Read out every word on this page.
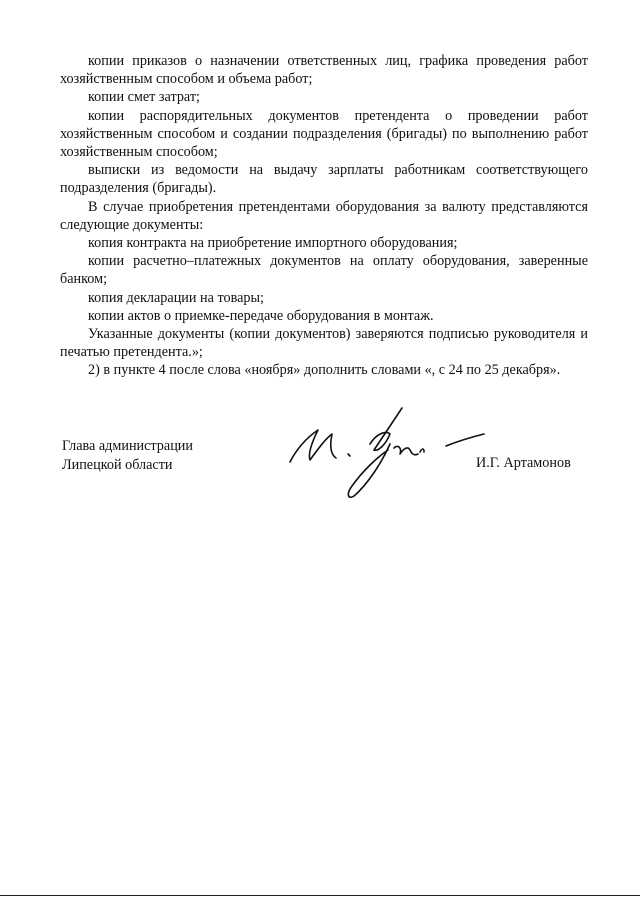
копии приказов о назначении ответственных лиц, графика проведения работ хозяйственным способом и объема работ;

копии смет затрат;

копии распорядительных документов претендента о проведении работ хозяйственным способом и создании подразделения (бригады) по выполнению работ хозяйственным способом;

выписки из ведомости на выдачу зарплаты работникам соответствующего подразделения (бригады).

В случае приобретения претендентами оборудования за валюту представляются следующие документы:

копия контракта на приобретение импортного оборудования;

копии расчетно–платежных документов на оплату оборудования, заверенные банком;

копия декларации на товары;

копии актов о приемке-передаче оборудования в монтаж.

Указанные документы (копии документов) заверяются подписью руководителя и печатью претендента.»;

2) в пункте 4 после слова «ноября» дополнить словами «, с 24 по 25 декабря».

Глава администрации
Липецкой области	И.Г. Артамонов
